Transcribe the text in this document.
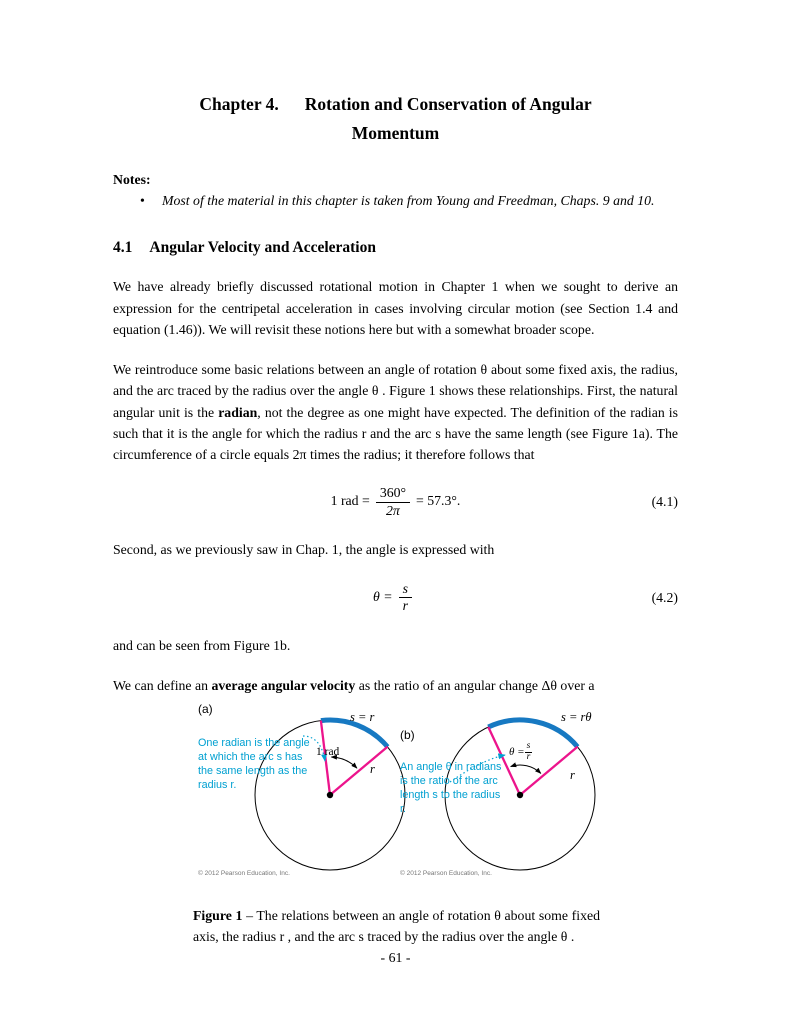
Chapter 4. Rotation and Conservation of Angular
Momentum
Notes:
•	Most of the material in this chapter is taken from Young and Freedman, Chaps. 9 and 10.
4.1 Angular Velocity and Acceleration
We have already briefly discussed rotational motion in Chapter 1 when we sought to derive an expression for the centripetal acceleration in cases involving circular motion (see Section 1.4 and equation (1.46)). We will revisit these notions here but with a somewhat broader scope.
We reintroduce some basic relations between an angle of rotation θ about some fixed axis, the radius, and the arc traced by the radius over the angle θ . Figure 1 shows these relationships. First, the natural angular unit is the radian, not the degree as one might have expected. The definition of the radian is such that it is the angle for which the radius r and the arc s have the same length (see Figure 1a). The circumference of a circle equals 2π times the radius; it therefore follows that
1 rad = $\frac{360^\circ}{2\pi} = 57.3^\circ$.	(4.1)
Second, as we previously saw in Chap. 1, the angle is expressed with
$\theta = \frac{s}{r}$	(4.2)
and can be seen from Figure 1b.
We can define an average angular velocity as the ratio of an angular change Δθ over a
(a)
s = r
1 rad
r
One radian is the angle at which the arc s has the same length as the radius r.
© 2012 Pearson Education, Inc.
(b)
s = rθ
$\theta = \frac{s}{r}$
r
An angle θ in radians is the ratio of the arc length s to the radius r.
© 2012 Pearson Education, Inc.
Figure 1 – The relations between an angle of rotation θ about some fixed axis, the radius r , and the arc s traced by the radius over the angle θ .
- 61 -
